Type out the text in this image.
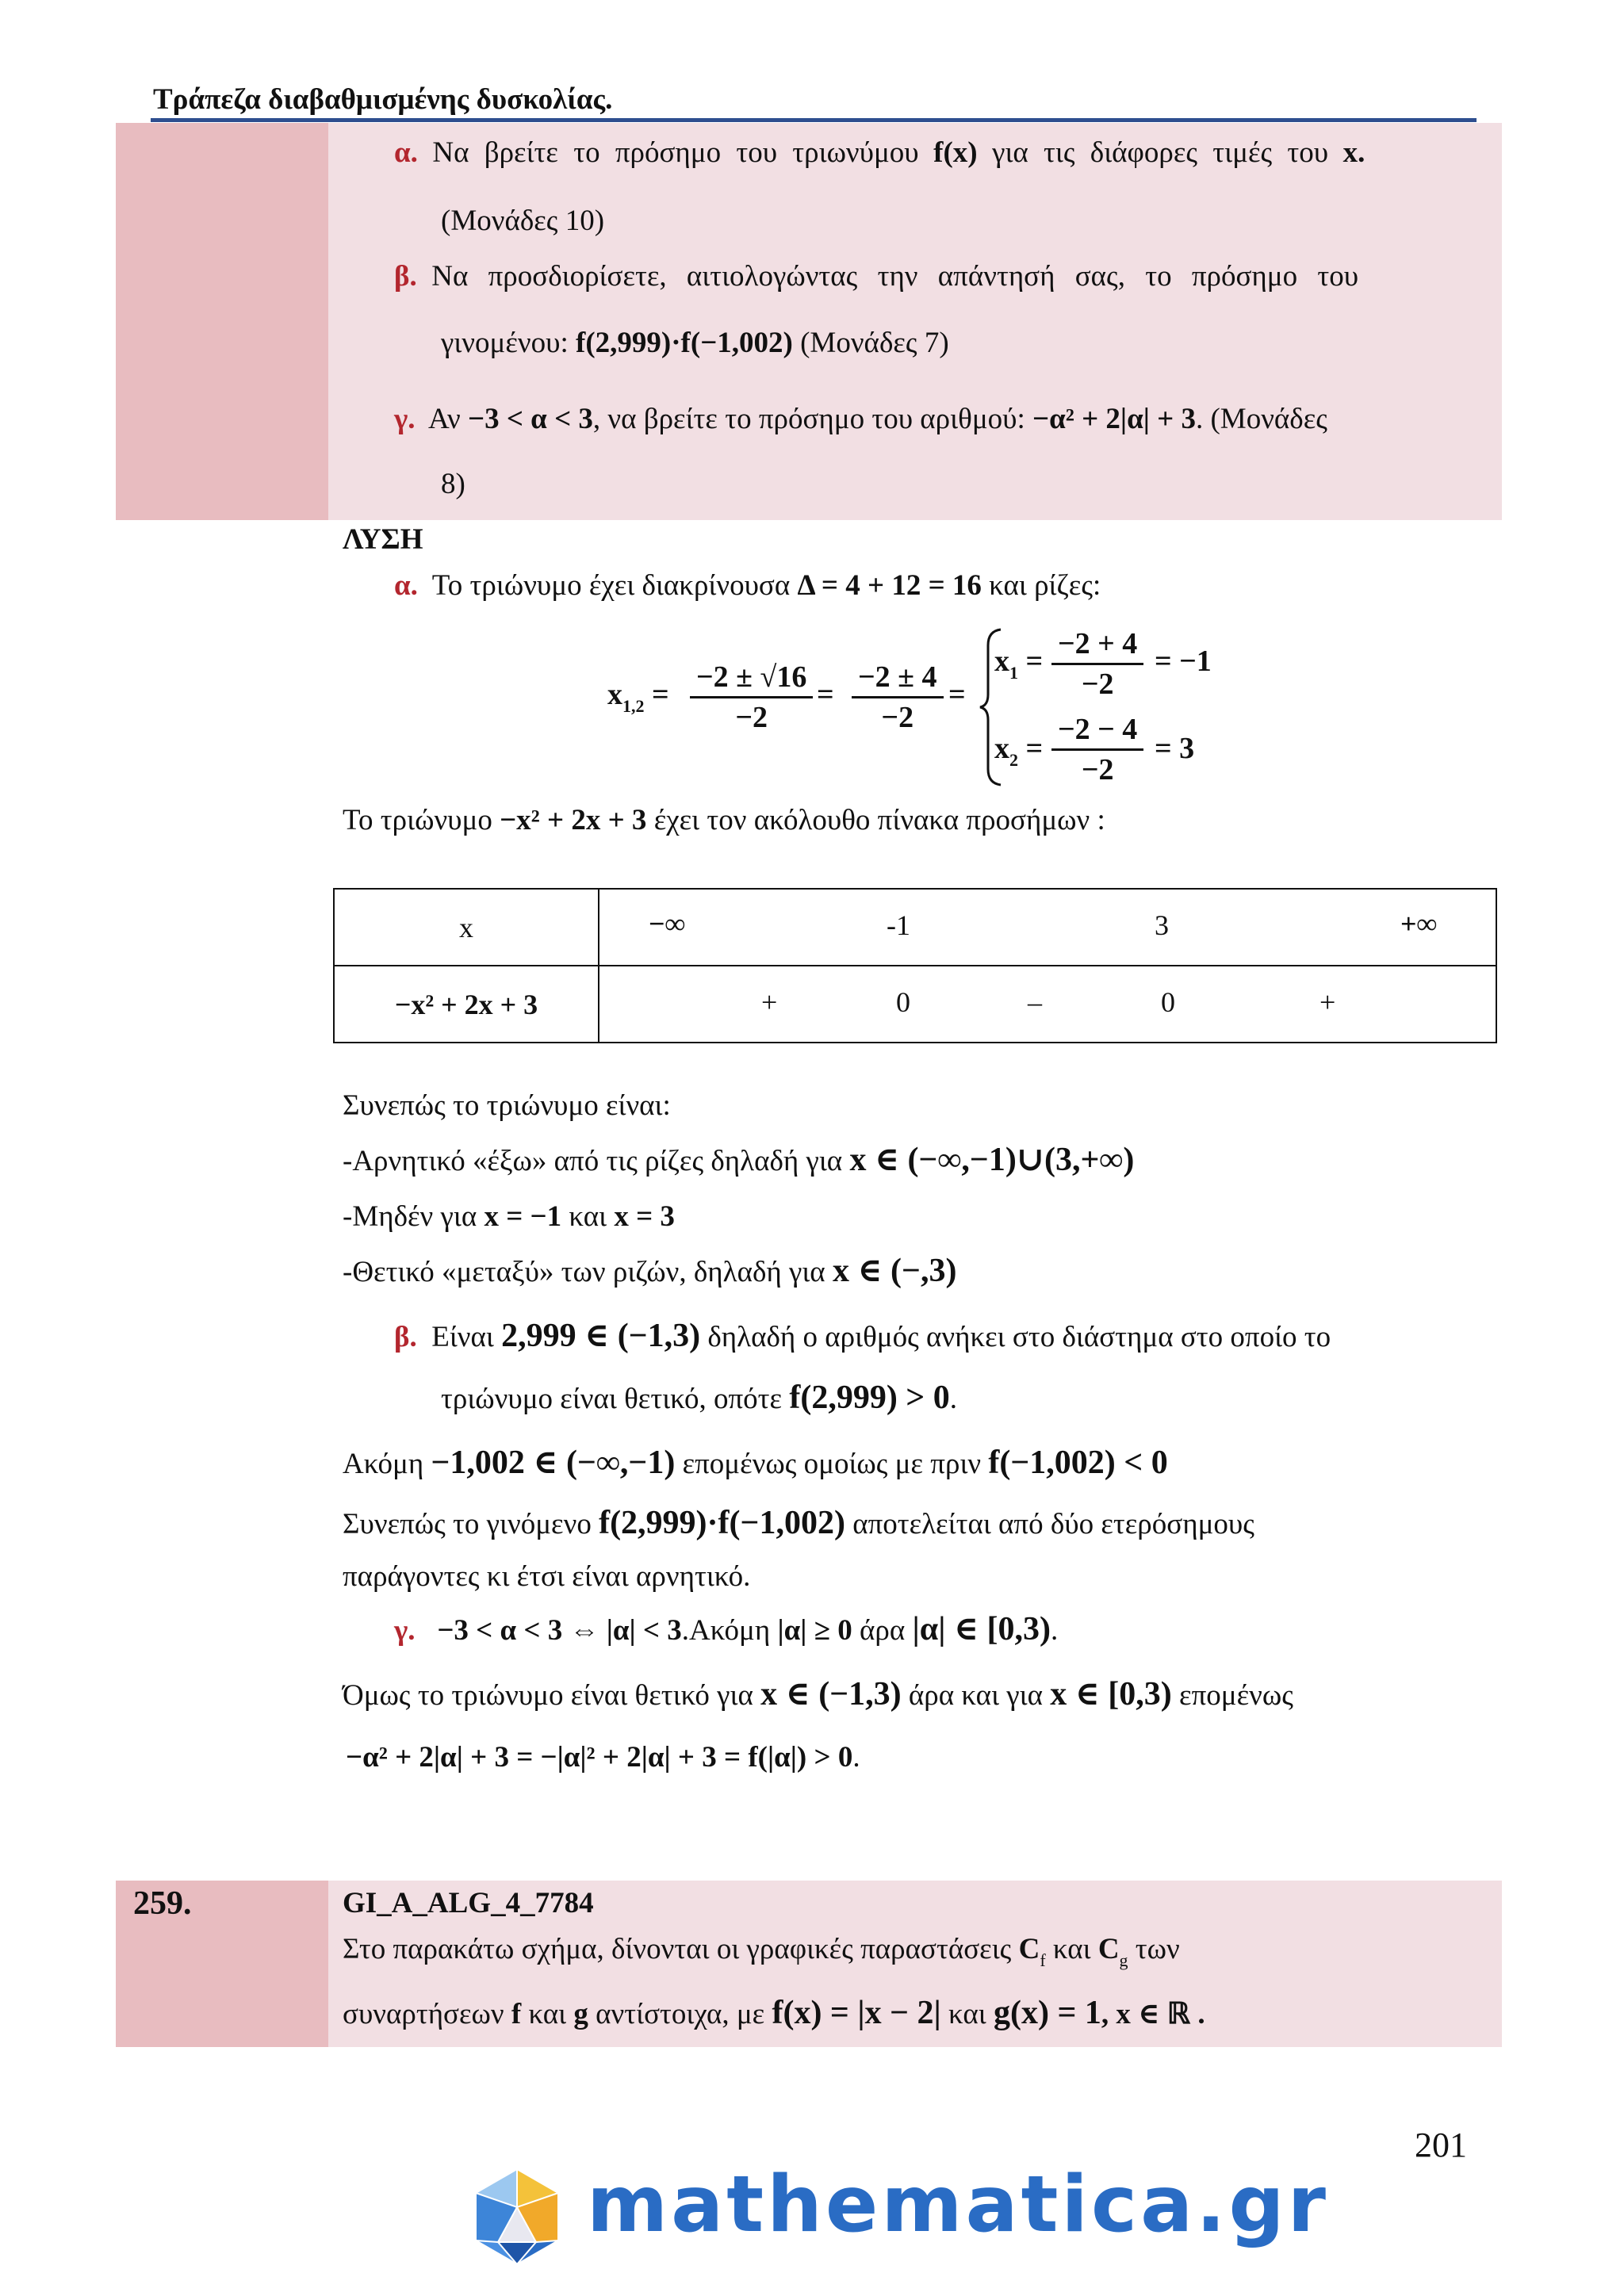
Τράπεζα διαβαθμισμένης δυσκολίας.
α. Να βρείτε το πρόσημο του τριωνύμου f(x) για τις διάφορες τιμές του x.
(Μονάδες 10)
β. Να προσδιορίσετε, αιτιολογώντας την απάντησή σας, το πρόσημο του
γινομένου: f(2,999)·f(−1,002) (Μονάδες 7)
γ. Αν −3 < α < 3, να βρείτε το πρόσημο του αριθμού: −α² + 2|α| + 3. (Μονάδες
8)
ΛΥΣΗ
α. Το τριώνυμο έχει διακρίνουσα Δ = 4 + 12 = 16 και ρίζες:
$x_{1,2} = \frac{-2 \pm √16}{-2} = \frac{-2 \pm 4}{-2}$ =
$x_1 = \frac{-2 + 4}{-2} = -1$
$x_2 = \frac{-2 - 4}{-2} = 3$
Το τριώνυμο −x² + 2x + 3 έχει τον ακόλουθο πίνακα προσήμων :
x	−∞ -1 3 +∞

−x² + 2x + 3	+ 0 – 0 +
Συνεπώς το τριώνυμο είναι:
-Αρνητικό «έξω» από τις ρίζες δηλαδή για x ∈ (−∞,−1)∪(3,+∞)
-Μηδέν για x = −1 και x = 3
-Θετικό «μεταξύ» των ριζών, δηλαδή για x ∈ (−,3)
β. Είναι 2,999 ∈ (−1,3) δηλαδή ο αριθμός ανήκει στο διάστημα στο οποίο το
τριώνυμο είναι θετικό, οπότε f(2,999) > 0.
Ακόμη −1,002 ∈ (−∞,−1) επομένως ομοίως με πριν f(−1,002) < 0
Συνεπώς το γινόμενο f(2,999)·f(−1,002) αποτελείται από δύο ετερόσημους
παράγοντες κι έτσι είναι αρνητικό.
γ. −3 < α < 3 ⇔ |α| < 3.Ακόμη |α| ≥ 0 άρα |α| ∈ [0,3).
Όμως το τριώνυμο είναι θετικό για x ∈ (−1,3) άρα και για x ∈ [0,3) επομένως
−α² + 2|α| + 3 = −|α|² + 2|α| + 3 = f(|α|) > 0.
259.	GI_A_ALG_4_7784
Στο παρακάτω σχήμα, δίνονται οι γραφικές παραστάσεις $C_f$ και $C_g$ των
συναρτήσεων f και g αντίστοιχα, με f(x) = |x − 2| και g(x) = 1, x ∈ ℝ .
201
mathematica.gr
